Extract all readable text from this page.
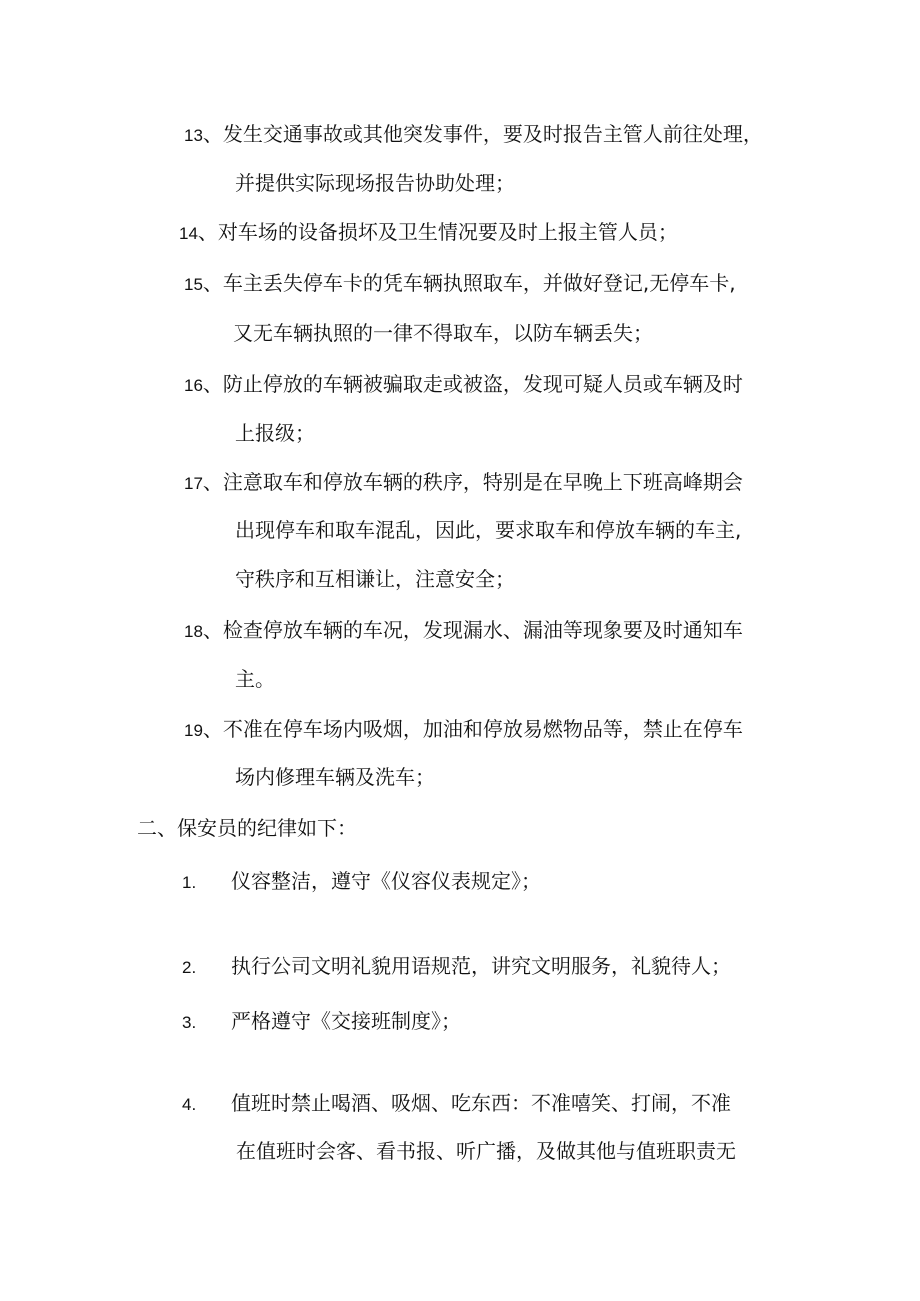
13、发生交通事故或其他突发事件，要及时报告主管人前往处理，
并提供实际现场报告协助处理；
14、对车场的设备损坏及卫生情况要及时上报主管人员；
15、车主丢失停车卡的凭车辆执照取车，并做好登记,无停车卡,
又无车辆执照的一律不得取车，以防车辆丢失；
16、防止停放的车辆被骗取走或被盗，发现可疑人员或车辆及时
上报级；
17、注意取车和停放车辆的秩序，特别是在早晚上下班高峰期会
出现停车和取车混乱，因此，要求取车和停放车辆的车主,
守秩序和互相谦让，注意安全；
18、检查停放车辆的车况，发现漏水、漏油等现象要及时通知车
主。
19、不准在停车场内吸烟，加油和停放易燃物品等，禁止在停车
场内修理车辆及洗车；
二、保安员的纪律如下：
1. 仪容整洁，遵守《仪容仪表规定》；
2. 执行公司文明礼貌用语规范，讲究文明服务，礼貌待人；
3. 严格遵守《交接班制度》；
4. 值班时禁止喝酒、吸烟、吃东西：不准嘻笑、打闹，不准
在值班时会客、看书报、听广播，及做其他与值班职责无
